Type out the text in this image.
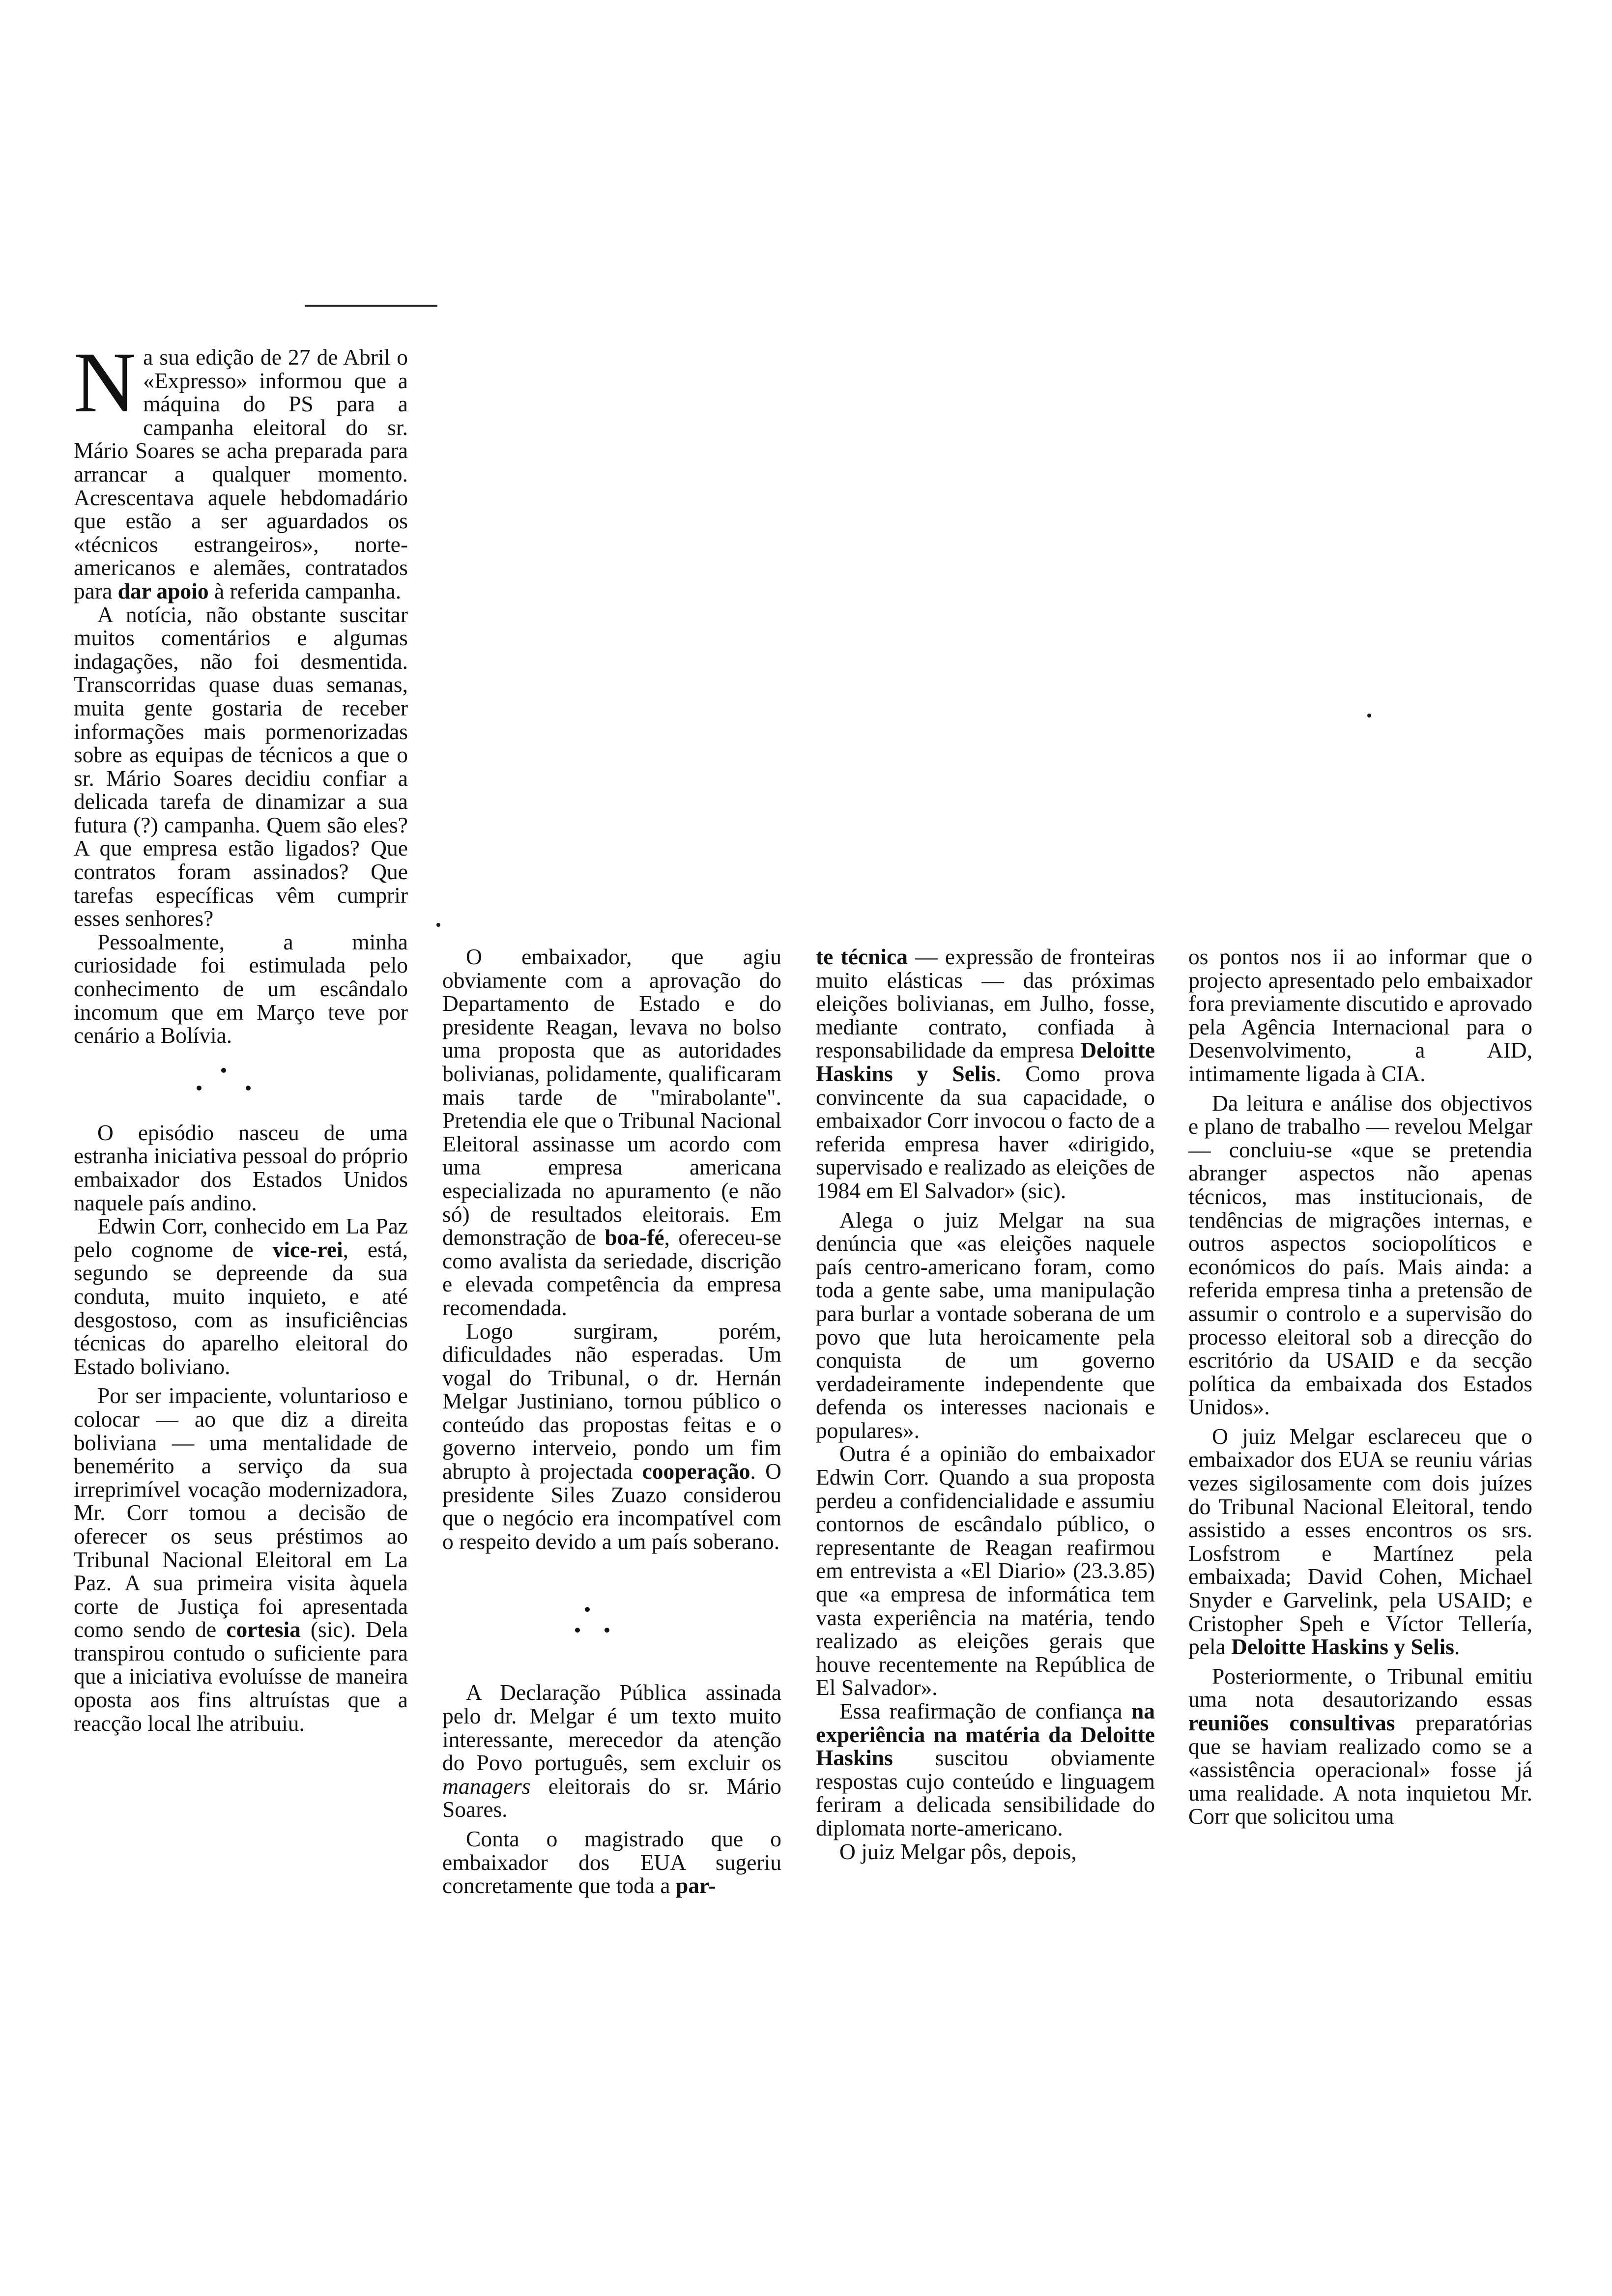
Na sua edição de 27 de Abril o «Expresso» informou que a máquina do PS para a campanha eleitoral do sr. Mário Soares se acha preparada para arrancar a qualquer momento. Acrescentava aquele hebdomadário que estão a ser aguardados os «técnicos estrangeiros», norte-americanos e alemães, contratados para dar apoio à referida campanha.

A notícia, não obstante suscitar muitos comentários e algumas indagações, não foi desmentida. Transcorridas quase duas semanas, muita gente gostaria de receber informações mais pormenorizadas sobre as equipas de técnicos a que o sr. Mário Soares decidiu confiar a delicada tarefa de dinamizar a sua futura (?) campanha. Quem são eles? A que empresa estão ligados? Que contratos foram assinados? Que tarefas específicas vêm cumprir esses senhores?

Pessoalmente, a minha curiosidade foi estimulada pelo conhecimento de um escândalo incomum que em Março teve por cenário a Bolívia.

O episódio nasceu de uma estranha iniciativa pessoal do próprio embaixador dos Estados Unidos naquele país andino.

Edwin Corr, conhecido em La Paz pelo cognome de vice-rei, está, segundo se depreende da sua conduta, muito inquieto, e até desgostoso, com as insuficiências técnicas do aparelho eleitoral do Estado boliviano.

Por ser impaciente, voluntarioso e colocar — ao que diz a direita boliviana — uma mentalidade de benemérito a serviço da sua irreprimível vocação modernizadora, Mr. Corr tomou a decisão de oferecer os seus préstimos ao Tribunal Nacional Eleitoral em La Paz. A sua primeira visita àquela corte de Justiça foi apresentada como sendo de cortesia (sic). Dela transpirou contudo o suficiente para que a iniciativa evoluísse de maneira oposta aos fins altruístas que a reacção local lhe atribuiu.

O embaixador, que agiu obviamente com a aprovação do Departamento de Estado e do presidente Reagan, levava no bolso uma proposta que as autoridades bolivianas, polidamente, qualificaram mais tarde de "mirabolante". Pretendia ele que o Tribunal Nacional Eleitoral assinasse um acordo com uma empresa americana especializada no apuramento (e não só) de resultados eleitorais. Em demonstração de boa-fé, ofereceu-se como avalista da seriedade, discrição e elevada competência da empresa recomendada.

Logo surgiram, porém, dificuldades não esperadas. Um vogal do Tribunal, o dr. Hernán Melgar Justiniano, tornou público o conteúdo das propostas feitas e o governo interveio, pondo um fim abrupto à projectada cooperação. O presidente Siles Zuazo considerou que o negócio era incompatível com o respeito devido a um país soberano.

A Declaração Pública assinada pelo dr. Melgar é um texto muito interessante, merecedor da atenção do Povo português, sem excluir os managers eleitorais do sr. Mário Soares.

Conta o magistrado que o embaixador dos EUA sugeriu concretamente que toda a par-

te técnica — expressão de fronteiras muito elásticas — das próximas eleições bolivianas, em Julho, fosse, mediante contrato, confiada à responsabilidade da empresa Deloitte Haskins y Selis. Como prova convincente da sua capacidade, o embaixador Corr invocou o facto de a referida empresa haver «dirigido, supervisado e realizado as eleições de 1984 em El Salvador» (sic).

Alega o juiz Melgar na sua denúncia que «as eleições naquele país centro-americano foram, como toda a gente sabe, uma manipulação para burlar a vontade soberana de um povo que luta heroicamente pela conquista de um governo verdadeiramente independente que defenda os interesses nacionais e populares».

Outra é a opinião do embaixador Edwin Corr. Quando a sua proposta perdeu a confidencialidade e assumiu contornos de escândalo público, o representante de Reagan reafirmou em entrevista a «El Diario» (23.3.85) que «a empresa de informática tem vasta experiência na matéria, tendo realizado as eleições gerais que houve recentemente na República de El Salvador».

Essa reafirmação de confiança na experiência na matéria da Deloitte Haskins suscitou obviamente respostas cujo conteúdo e linguagem feriram a delicada sensibilidade do diplomata norte-americano.

O juiz Melgar pôs, depois,

os pontos nos ii ao informar que o projecto apresentado pelo embaixador fora previamente discutido e aprovado pela Agência Internacional para o Desenvolvimento, a AID, intimamente ligada à CIA.

Da leitura e análise dos objectivos e plano de trabalho — revelou Melgar — concluiu-se «que se pretendia abranger aspectos não apenas técnicos, mas institucionais, de tendências de migrações internas, e outros aspectos sociopolíticos e económicos do país. Mais ainda: a referida empresa tinha a pretensão de assumir o controlo e a supervisão do processo eleitoral sob a direcção do escritório da USAID e da secção política da embaixada dos Estados Unidos».

O juiz Melgar esclareceu que o embaixador dos EUA se reuniu várias vezes sigilosamente com dois juízes do Tribunal Nacional Eleitoral, tendo assistido a esses encontros os srs. Losfstrom e Martínez pela embaixada; David Cohen, Michael Snyder e Garvelink, pela USAID; e Cristopher Speh e Víctor Tellería, pela Deloitte Haskins y Selis.

Posteriormente, o Tribunal emitiu uma nota desautorizando essas reuniões consultivas preparatórias que se haviam realizado como se a «assistência operacional» fosse já uma realidade. A nota inquietou Mr. Corr que solicitou uma
